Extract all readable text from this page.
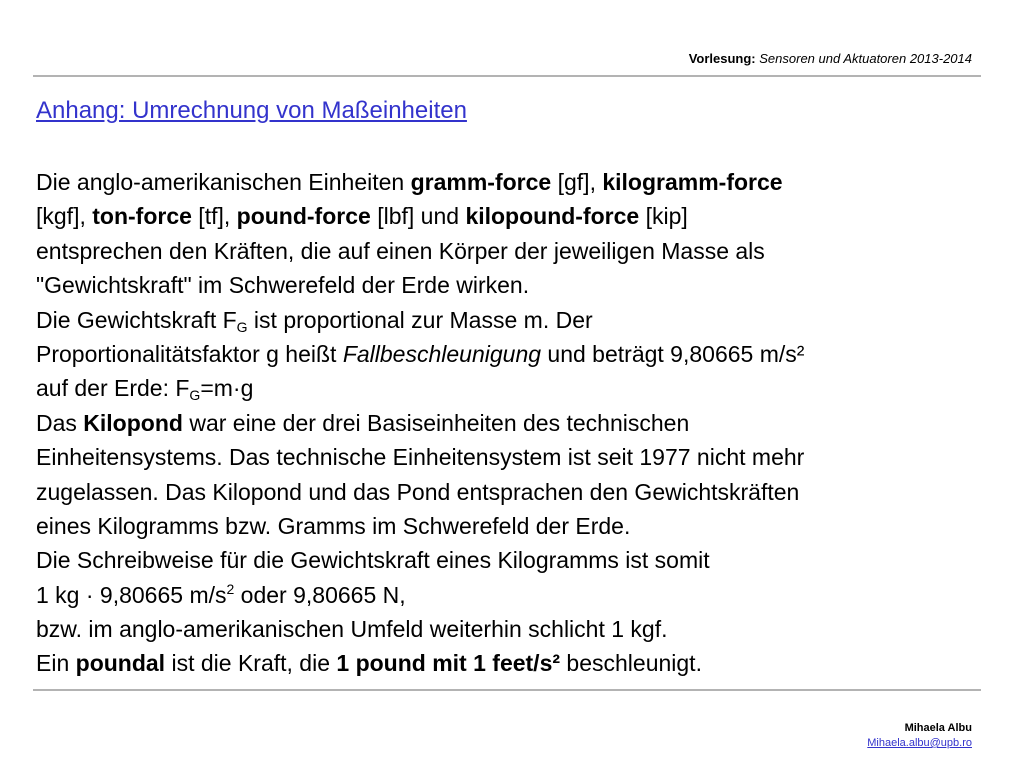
Vorlesung: Sensoren und Aktuatoren 2013-2014
Anhang: Umrechnung von Maßeinheiten
Die anglo-amerikanischen Einheiten gramm-force [gf], kilogramm-force
[kgf], ton-force [tf], pound-force [lbf] und kilopound-force [kip]
entsprechen den Kräften, die auf einen Körper der jeweiligen Masse als
"Gewichtskraft" im Schwerefeld der Erde wirken.
Die Gewichtskraft $F_G$ ist proportional zur Masse m. Der
Proportionalitätsfaktor g heißt Fallbeschleunigung und beträgt 9,80665 m/s²
auf der Erde: $F_G=m\cdot g$
Das Kilopond war eine der drei Basiseinheiten des technischen
Einheitensystems. Das technische Einheitensystem ist seit 1977 nicht mehr
zugelassen. Das Kilopond und das Pond entsprachen den Gewichtskräften
eines Kilogramms bzw. Gramms im Schwerefeld der Erde.
Die Schreibweise für die Gewichtskraft eines Kilogramms ist somit
1 kg · 9,80665 $m/s^2$ oder 9,80665 N,
bzw. im anglo-amerikanischen Umfeld weiterhin schlicht 1 kgf.
Ein poundal ist die Kraft, die 1 pound mit 1 feet/s² beschleunigt.
Mihaela Albu
Mihaela.albu@upb.ro
